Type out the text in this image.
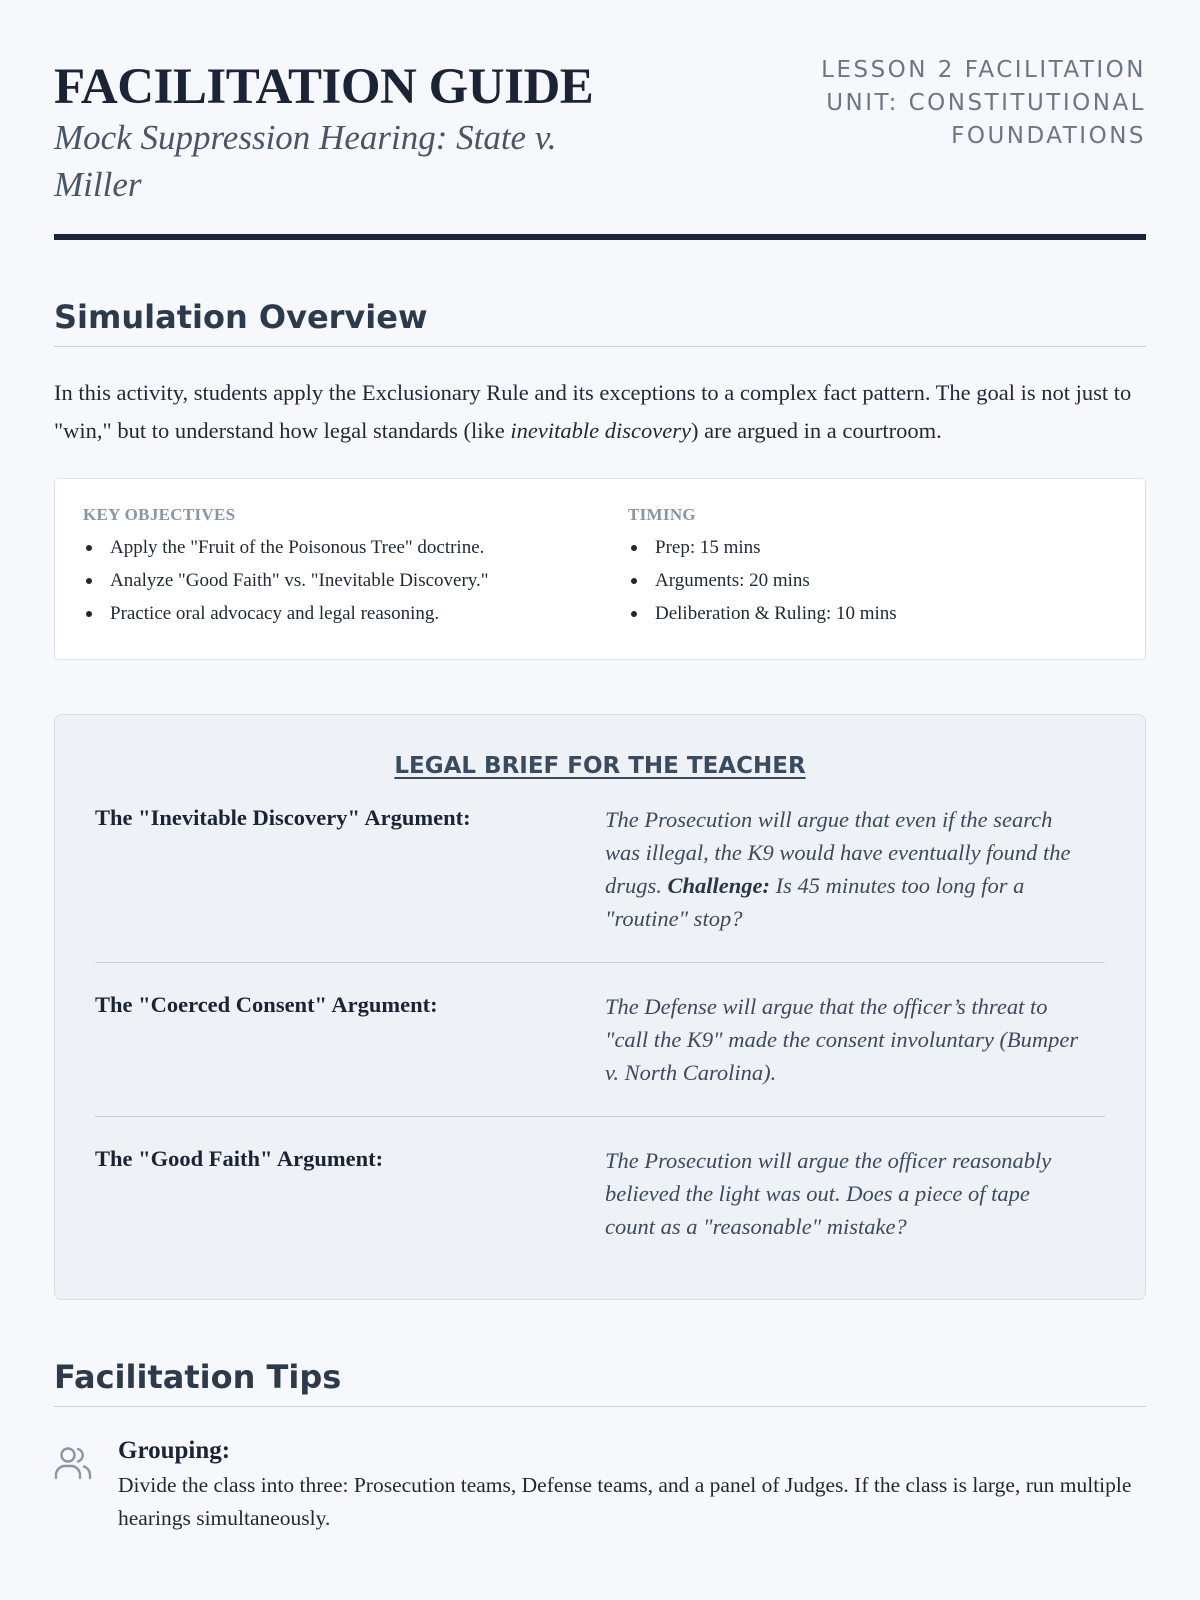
FACILITATION GUIDE
Mock Suppression Hearing: State v. Miller
LESSON 2 FACILITATION
UNIT: CONSTITUTIONAL
FOUNDATIONS
Simulation Overview

In this activity, students apply the Exclusionary Rule and its exceptions to a complex fact pattern. The goal is not just to "win," but to understand how legal standards (like inevitable discovery) are argued in a courtroom.

KEY OBJECTIVES
Apply the "Fruit of the Poisonous Tree" doctrine.
Analyze "Good Faith" vs. "Inevitable Discovery."
Practice oral advocacy and legal reasoning.
TIMING
Prep: 15 mins
Arguments: 20 mins
Deliberation & Ruling: 10 mins
LEGAL BRIEF FOR THE TEACHER
The "Inevitable Discovery" Argument:	The Prosecution will argue that even if the search was illegal, the K9 would have eventually found the drugs. Challenge: Is 45 minutes too long for a "routine" stop?
The "Coerced Consent" Argument:	The Defense will argue that the officer’s threat to "call the K9" made the consent involuntary (Bumper v. North Carolina).
The "Good Faith" Argument:	The Prosecution will argue the officer reasonably believed the light was out. Does a piece of tape count as a "reasonable" mistake?
Facilitation Tips
Grouping:
Divide the class into three: Prosecution teams, Defense teams, and a panel of Judges. If the class is large, run multiple hearings simultaneously.
